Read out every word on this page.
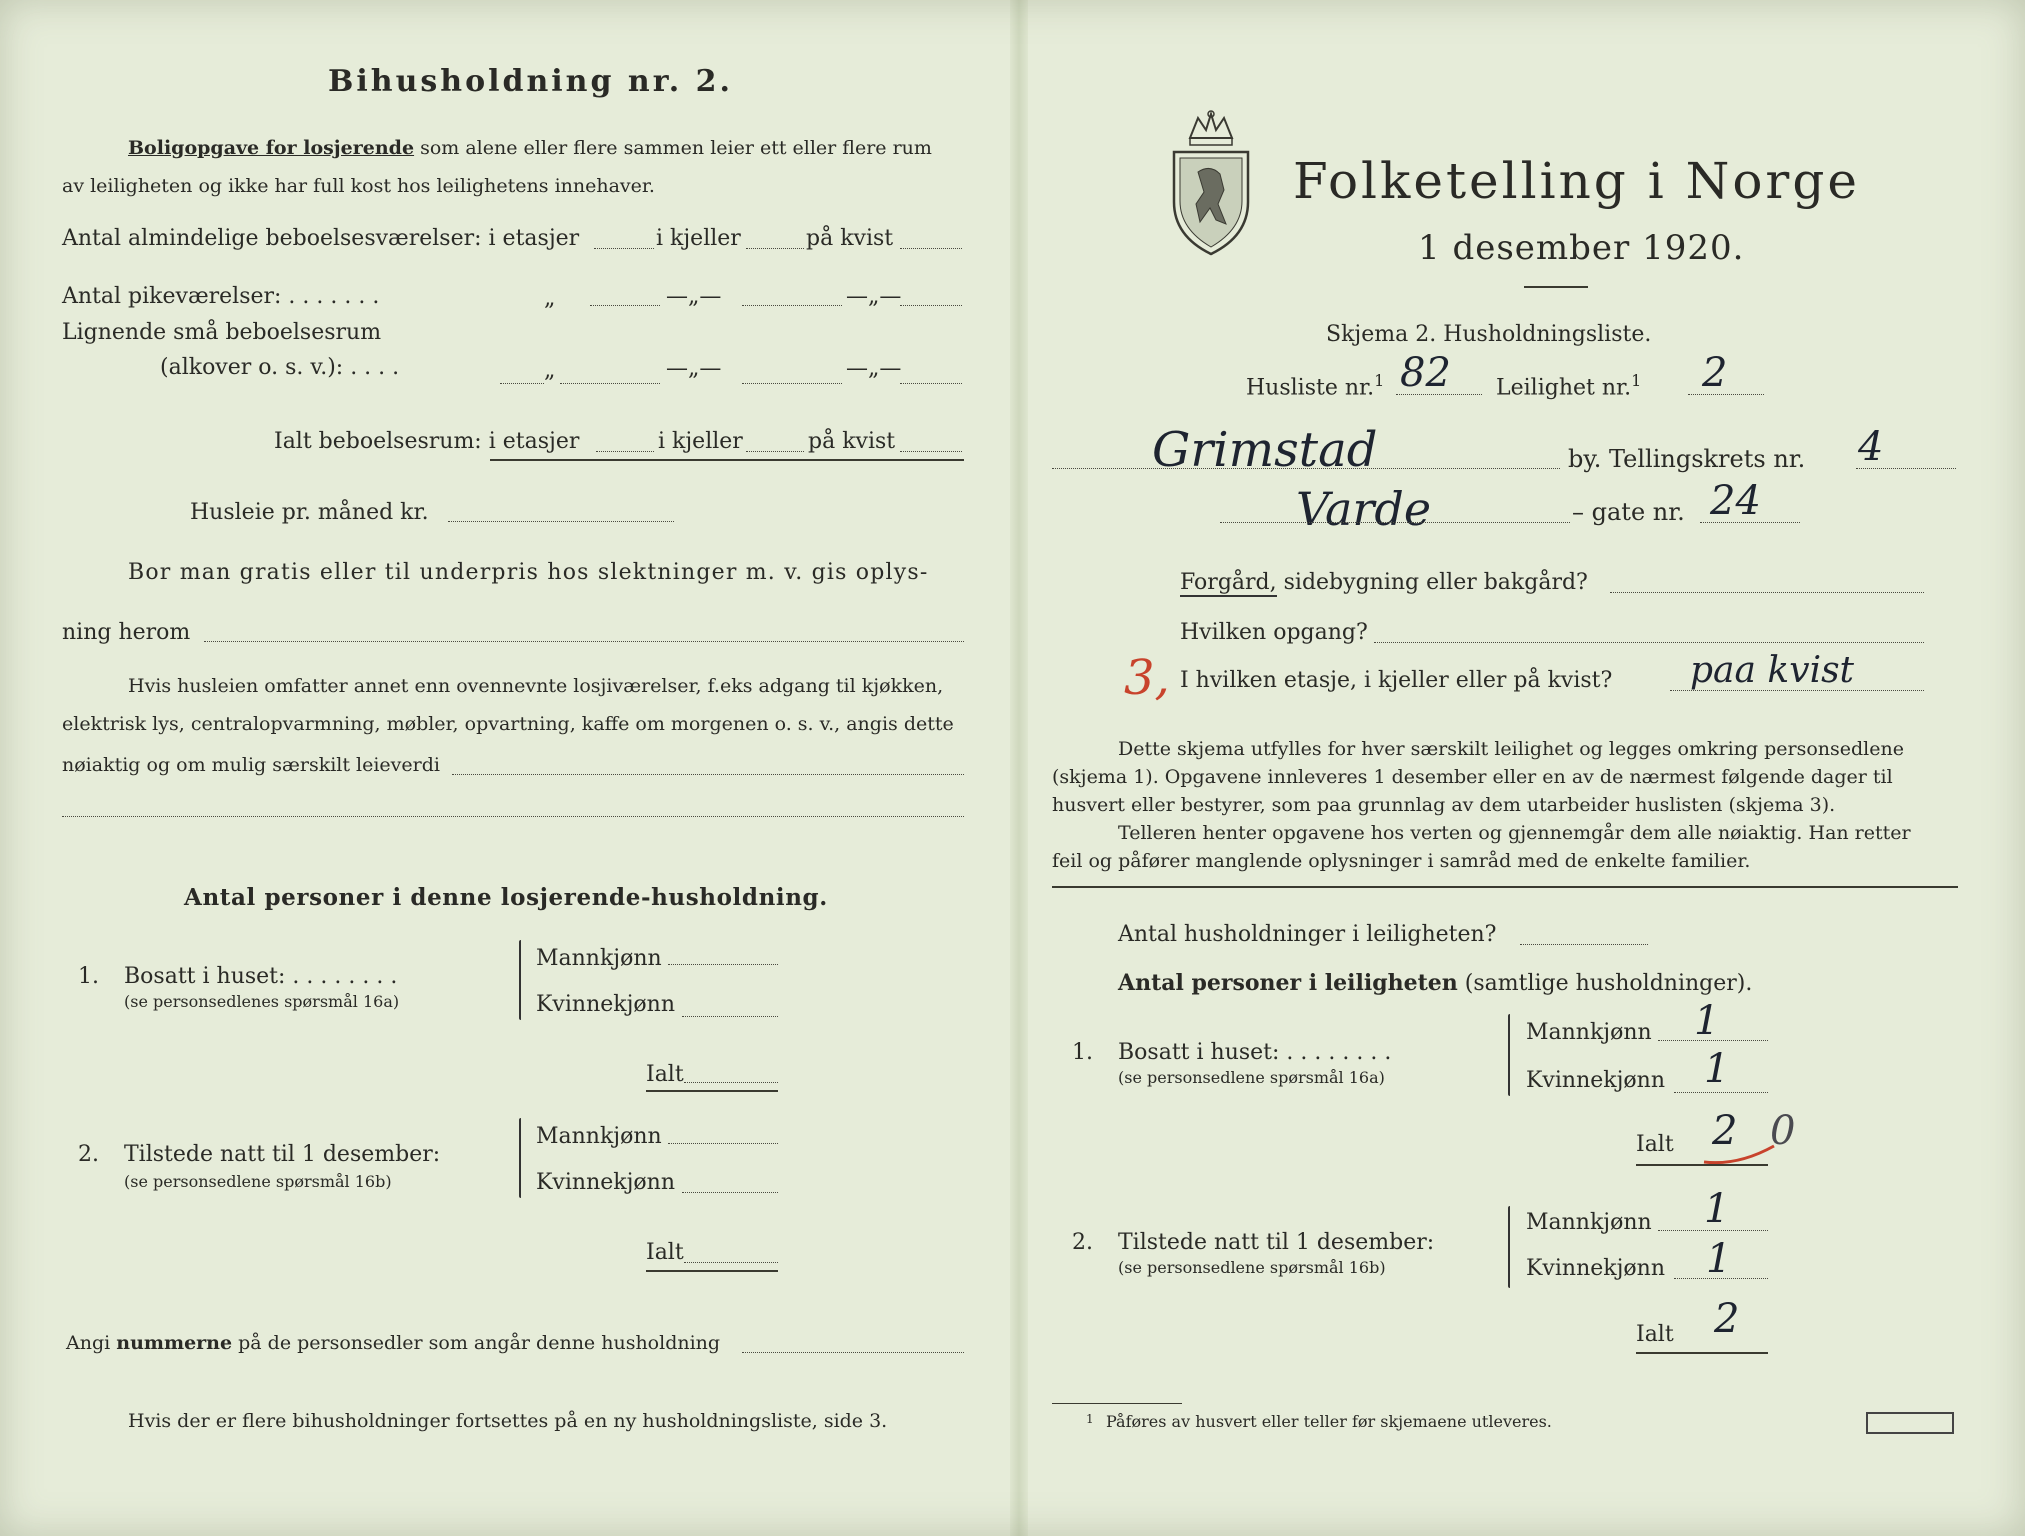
Bihusholdning nr. 2.
Boligopgave for losjerende som alene eller flere sammen leier ett eller flere rum
av leiligheten og ikke har full kost hos leilighetens innehaver.
Antal almindelige beboelsesværelser: i etasjer	i kjeller	på kvist
Antal pikeværelser: . . . . . . .	„	—„—	—„—
Lignende små beboelsesrum
(alkover o. s. v.): . . . .	„	—„—	—„—
Ialt beboelsesrum: i etasjer	i kjeller	på kvist
Husleie pr. måned kr.
Bor man gratis eller til underpris hos slektninger m. v. gis oplys-
ning herom
Hvis husleien omfatter annet enn ovennevnte losjiværelser, f.eks adgang til kjøkken,
elektrisk lys, centralopvarmning, møbler, opvartning, kaffe om morgenen o. s. v., angis dette
nøiaktig og om mulig særskilt leieverdi
Antal personer i denne losjerende-husholdning.
1. Bosatt i huset: . . . . . . . .
(se personsedlenes spørsmål 16a)
Mannkjønn
Kvinnekjønn
Ialt
2. Tilstede natt til 1 desember:
(se personsedlene spørsmål 16b)
Mannkjønn
Kvinnekjønn
Ialt
Angi nummerne på de personsedler som angår denne husholdning
Hvis der er flere bihusholdninger fortsettes på en ny husholdningsliste, side 3.
Folketelling i Norge
1 desember 1920.
Skjema 2. Husholdningsliste.
Husliste nr.$^1$ 82 Leilighet nr.$^1$ 2
Grimstad	by. Tellingskrets nr. 4
Varde	– gate nr. 24
Forgård, sidebygning eller bakgård?
Hvilken opgang?
3, I hvilken etasje, i kjeller eller på kvist? paa kvist
Dette skjema utfylles for hver særskilt leilighet og legges omkring personsedlene
(skjema 1). Opgavene innleveres 1 desember eller en av de nærmest følgende dager til
husvert eller bestyrer, som paa grunnlag av dem utarbeider huslisten (skjema 3).
Telleren henter opgavene hos verten og gjennemgår dem alle nøiaktig. Han retter
feil og påfører manglende oplysninger i samråd med de enkelte familier.
Antal husholdninger i leiligheten?
Antal personer i leiligheten (samtlige husholdninger).
1. Bosatt i huset: . . . . . . . .
(se personsedlene spørsmål 16a)
Mannkjønn 1
Kvinnekjønn 1
Ialt 2 0
2. Tilstede natt til 1 desember:
(se personsedlene spørsmål 16b)
Mannkjønn 1
Kvinnekjønn 1
Ialt 2
1 Påføres av husvert eller teller før skjemaene utleveres.
